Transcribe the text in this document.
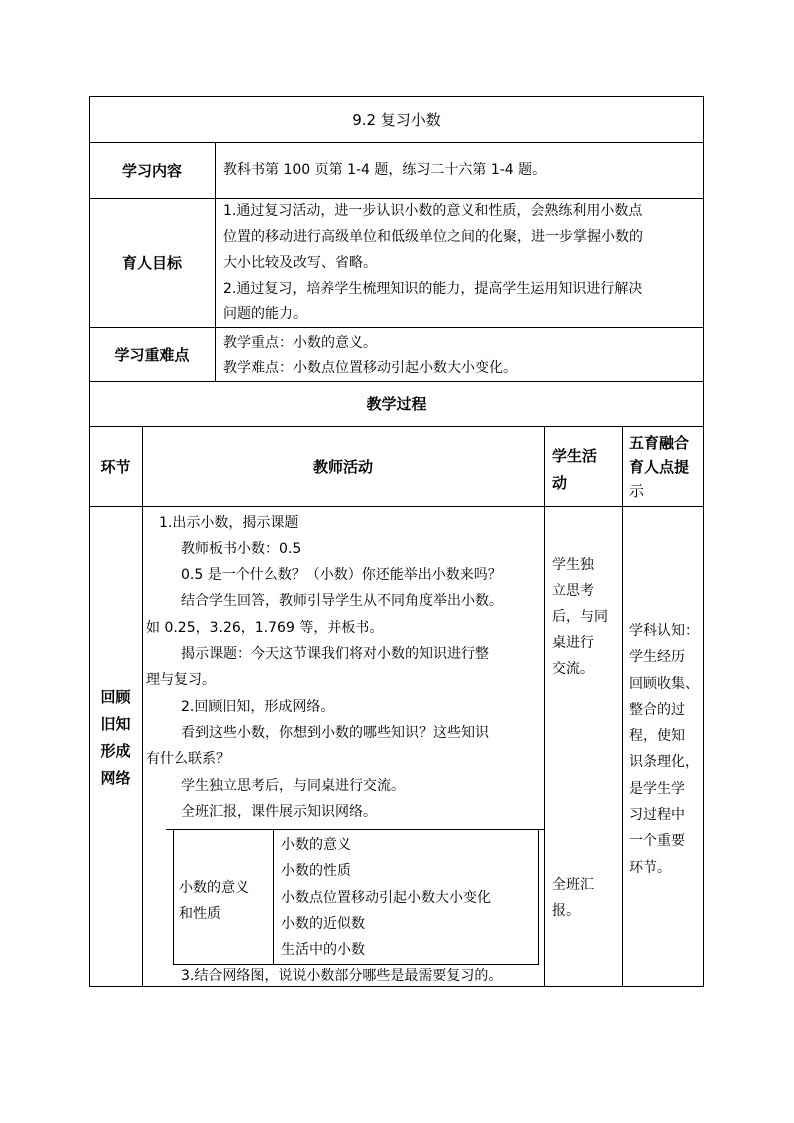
9.2 复习小数
学习内容	教科书第 100 页第 1-4 题，练习二十六第 1-4 题。
育人目标
1.通过复习活动，进一步认识小数的意义和性质，会熟练利用小数点
位置的移动进行高级单位和低级单位之间的化聚，进一步掌握小数的
大小比较及改写、省略。
2.通过复习，培养学生梳理知识的能力，提高学生运用知识进行解决
问题的能力。
学习重难点
教学重点：小数的意义。
教学难点：小数点位置移动引起小数大小变化。
教学过程
环节	教师活动
学生活
动
五育融合
育人点提
示
回顾
旧知
形成
网络
1.出示小数，揭示课题
教师板书小数：0.5
0.5 是一个什么数？（小数）你还能举出小数来吗？
结合学生回答，教师引导学生从不同角度举出小数。
如 0.25，3.26，1.769 等，并板书。
揭示课题：今天这节课我们将对小数的知识进行整
理与复习。
2.回顾旧知，形成网络。
看到这些小数，你想到小数的哪些知识？这些知识
有什么联系？
学生独立思考后，与同桌进行交流。
全班汇报，课件展示知识网络。
小数的意义
和性质
小数的意义
小数的性质
小数点位置移动引起小数大小变化
小数的近似数
生活中的小数
3.结合网络图，说说小数部分哪些是最需要复习的。
学生独
立思考
后，与同
桌进行
交流。
全班汇
报。
学科认知：
学生经历
回顾收集、
整合的过
程，使知
识条理化，
是学生学
习过程中
一个重要
环节。
